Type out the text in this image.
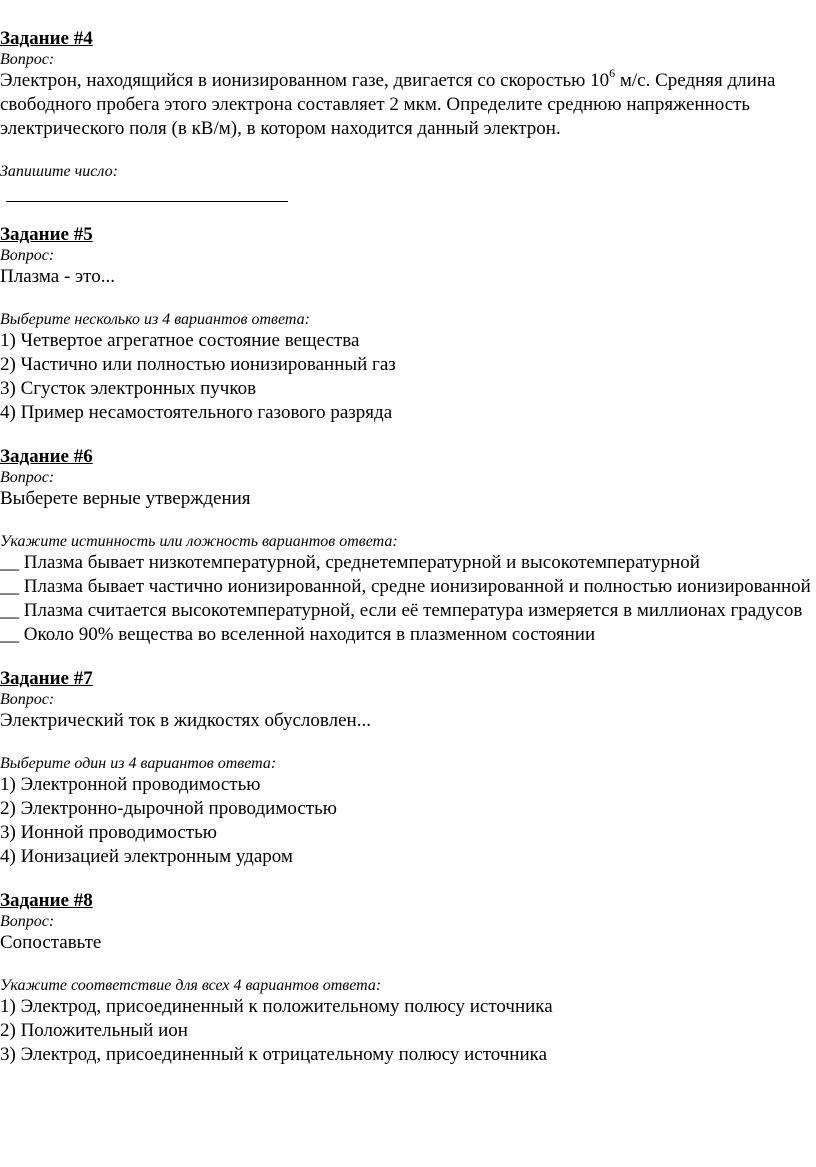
Задание #4

Вопрос:

Электрон, находящийся в ионизированном газе, двигается со скоростью $10^6$ м/с. Средняя длина свободного пробега этого электрона составляет 2 мкм. Определите среднюю напряженность электрического поля (в кВ/м), в котором находится данный электрон.

Запишите число:

Задание #5

Вопрос:

Плазма - это...

Выберите несколько из 4 вариантов ответа:

1) Четвертое агрегатное состояние вещества

2) Частично или полностью ионизированный газ

3) Сгусток электронных пучков

4) Пример несамостоятельного газового разряда

Задание #6

Вопрос:

Выберете верные утверждения

Укажите истинность или ложность вариантов ответа:

__ Плазма бывает низкотемпературной, среднетемпературной и высокотемпературной

__ Плазма бывает частично ионизированной, средне ионизированной и полностью ионизированной

__ Плазма считается высокотемпературной, если её температура измеряется в миллионах градусов

__ Около 90% вещества во вселенной находится в плазменном состоянии

Задание #7

Вопрос:

Электрический ток в жидкостях обусловлен...

Выберите один из 4 вариантов ответа:

1) Электронной проводимостью

2) Электронно-дырочной проводимостью

3) Ионной проводимостью

4) Ионизацией электронным ударом

Задание #8

Вопрос:

Сопоставьте

Укажите соответствие для всех 4 вариантов ответа:

1) Электрод, присоединенный к положительному полюсу источника

2) Положительный ион

3) Электрод, присоединенный к отрицательному полюсу источника
